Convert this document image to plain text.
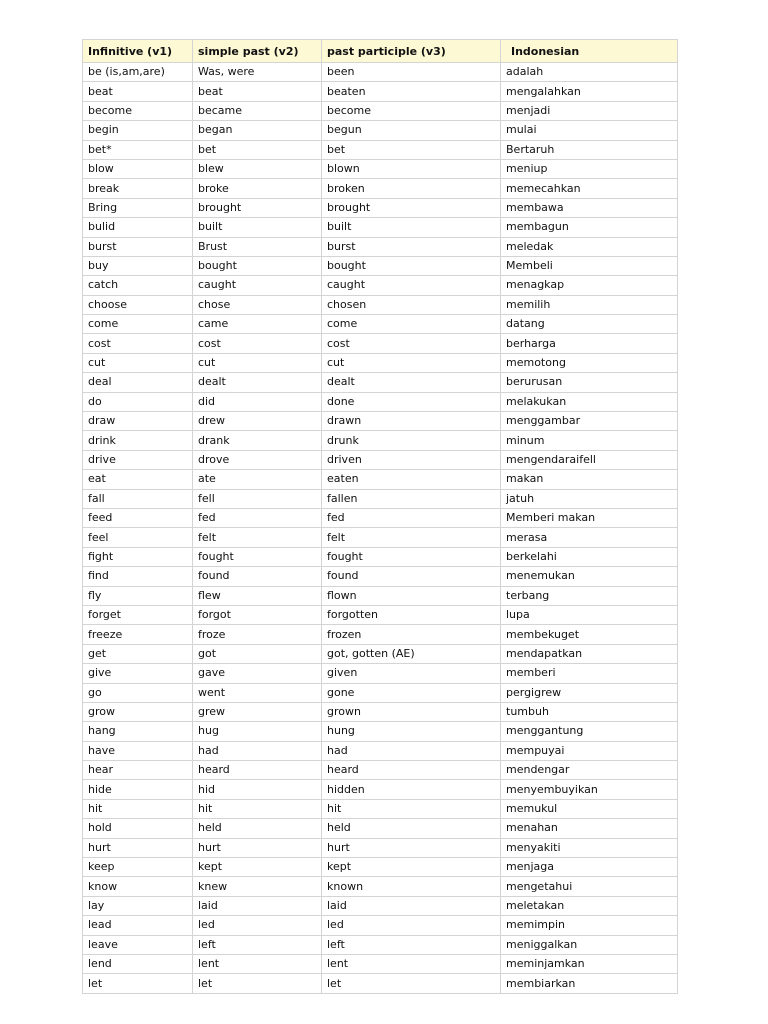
Infinitive (v1)	simple past (v2)	past participle (v3)	Indonesian
be (is,am,are)	Was, were	been	adalah
beat	beat	beaten	mengalahkan
become	became	become	menjadi
begin	began	begun	mulai
bet*	bet	bet	Bertaruh
blow	blew	blown	meniup
break	broke	broken	memecahkan
Bring	brought	brought	membawa
bulid	built	built	membagun
burst	Brust	burst	meledak
buy	bought	bought	Membeli
catch	caught	caught	menagkap
choose	chose	chosen	memilih
come	came	come	datang
cost	cost	cost	berharga
cut	cut	cut	memotong
deal	dealt	dealt	berurusan
do	did	done	melakukan
draw	drew	drawn	menggambar
drink	drank	drunk	minum
drive	drove	driven	mengendaraifell
eat	ate	eaten	makan
fall	fell	fallen	jatuh
feed	fed	fed	Memberi makan
feel	felt	felt	merasa
fight	fought	fought	berkelahi
find	found	found	menemukan
fly	flew	flown	terbang
forget	forgot	forgotten	lupa
freeze	froze	frozen	membekuget
get	got	got, gotten (AE)	mendapatkan
give	gave	given	memberi
go	went	gone	pergigrew
grow	grew	grown	tumbuh
hang	hug	hung	menggantung
have	had	had	mempuyai
hear	heard	heard	mendengar
hide	hid	hidden	menyembuyikan
hit	hit	hit	memukul
hold	held	held	menahan
hurt	hurt	hurt	menyakiti
keep	kept	kept	menjaga
know	knew	known	mengetahui
lay	laid	laid	meletakan
lead	led	led	memimpin
leave	left	left	meniggalkan
lend	lent	lent	meminjamkan
let	let	let	membiarkan
